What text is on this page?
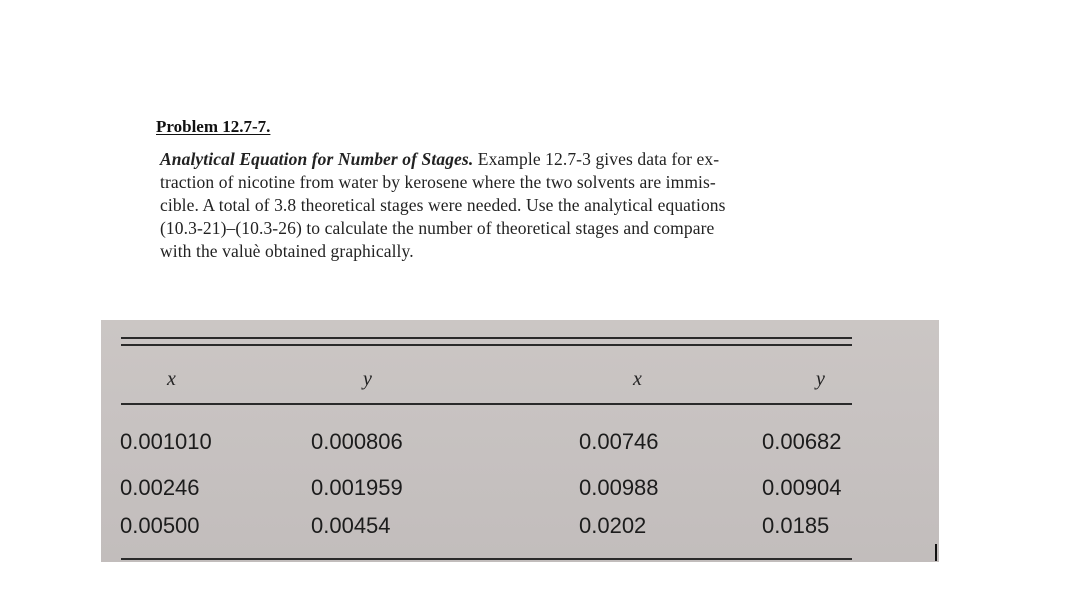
Problem 12.7-7.
Analytical Equation for Number of Stages. Example 12.7-3 gives data for ex-
traction of nicotine from water by kerosene where the two solvents are immis-
cible. A total of 3.8 theoretical stages were needed. Use the analytical equations
(10.3-21)–(10.3-26) to calculate the number of theoretical stages and compare
with the valuè obtained graphically.
x	y	x	y
0.001010	0.000806	0.00746	0.00682
0.00246	0.001959	0.00988	0.00904
0.00500	0.00454	0.0202	0.0185
